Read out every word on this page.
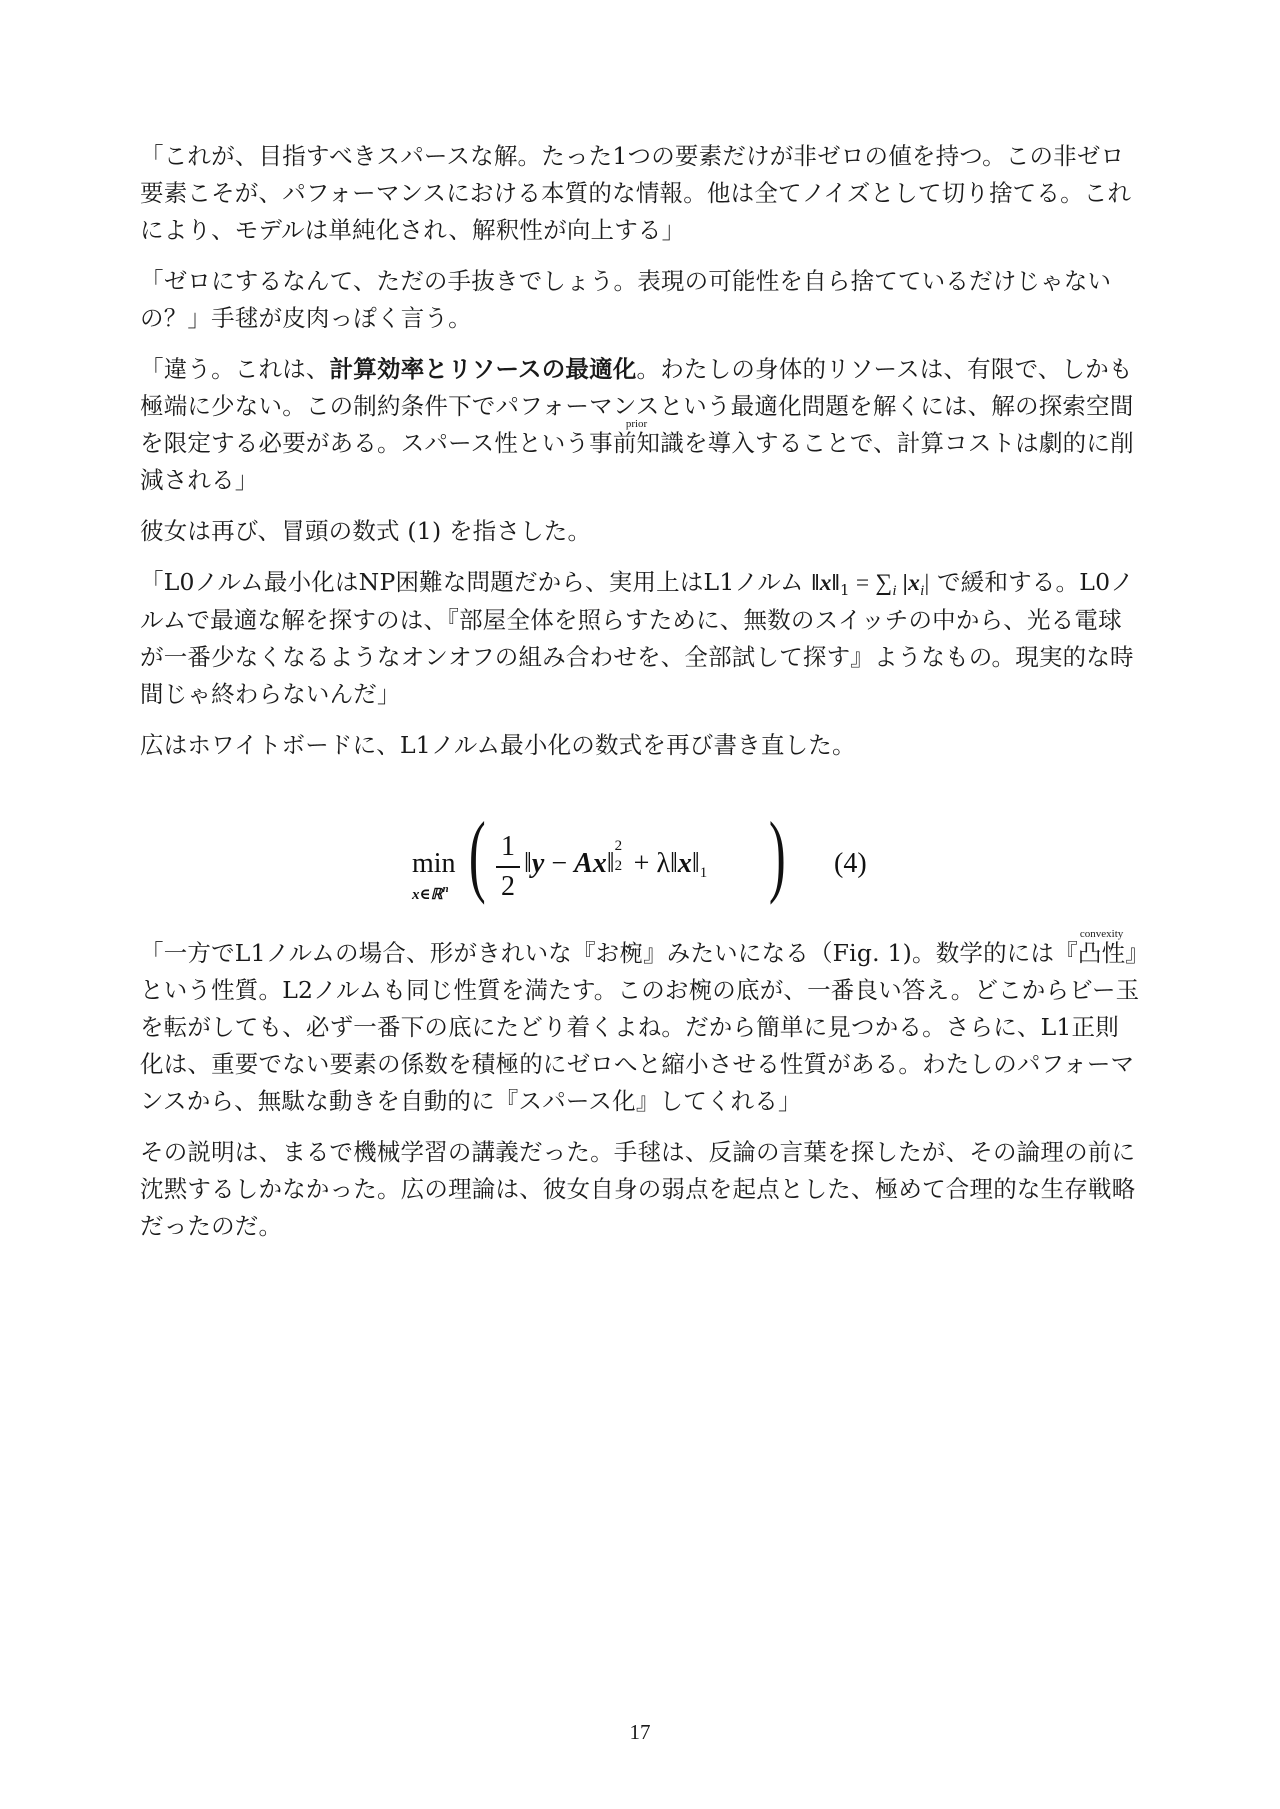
「これが、目指すべきスパースな解。たった1つの要素だけが非ゼロの値を持つ。この非ゼロ要素こそが、パフォーマンスにおける本質的な情報。他は全てノイズとして切り捨てる。これにより、モデルは単純化され、解釈性が向上する」

「ゼロにするなんて、ただの手抜きでしょう。表現の可能性を自ら捨てているだけじゃないの？」手毬が皮肉っぽく言う。

「違う。これは、計算効率とリソースの最適化。わたしの身体的リソースは、有限で、しかも極端に少ない。この制約条件下でパフォーマンスという最適化問題を解くには、解の探索空間を限定する必要がある。スパース性という事前知識priorを導入することで、計算コストは劇的に削減される」

彼女は再び、冒頭の数式 (1) を指さした。

「L0ノルム最小化はNP困難な問題だから、実用上はL1ノルム $‖x‖_1 = \sum_i$ $|x_i|$ で緩和する。L0ノルムで最適な解を探すのは、『部屋全体を照らすために、無数のスイッチの中から、光る電球が一番少なくなるようなオンオフの組み合わせを、全部試して探す』ようなもの。現実的な時間じゃ終わらないんだ」

広はホワイトボードに、L1ノルム最小化の数式を再び書き直した。

「一方でL1ノルムの場合、形がきれいな『お椀』みたいになる（Fig. 1)。数学的には『凸性convexity』という性質。L2ノルムも同じ性質を満たす。このお椀の底が、一番良い答え。どこからビー玉を転がしても、必ず一番下の底にたどり着くよね。だから簡単に見つかる。さらに、L1正則化は、重要でない要素の係数を積極的にゼロへと縮小させる性質がある。わたしのパフォーマンスから、無駄な動きを自動的に『スパース化』してくれる」

その説明は、まるで機械学習の講義だった。手毬は、反論の言葉を探したが、その論理の前に沈黙するしかなかった。広の理論は、彼女自身の弱点を起点とした、極めて合理的な生存戦略だったのだ。

min
x∈ℝ$^n$ ( 1
2
‖y − Ax‖
2
$2 + \lambda‖x‖_1$ ) (4)
17
